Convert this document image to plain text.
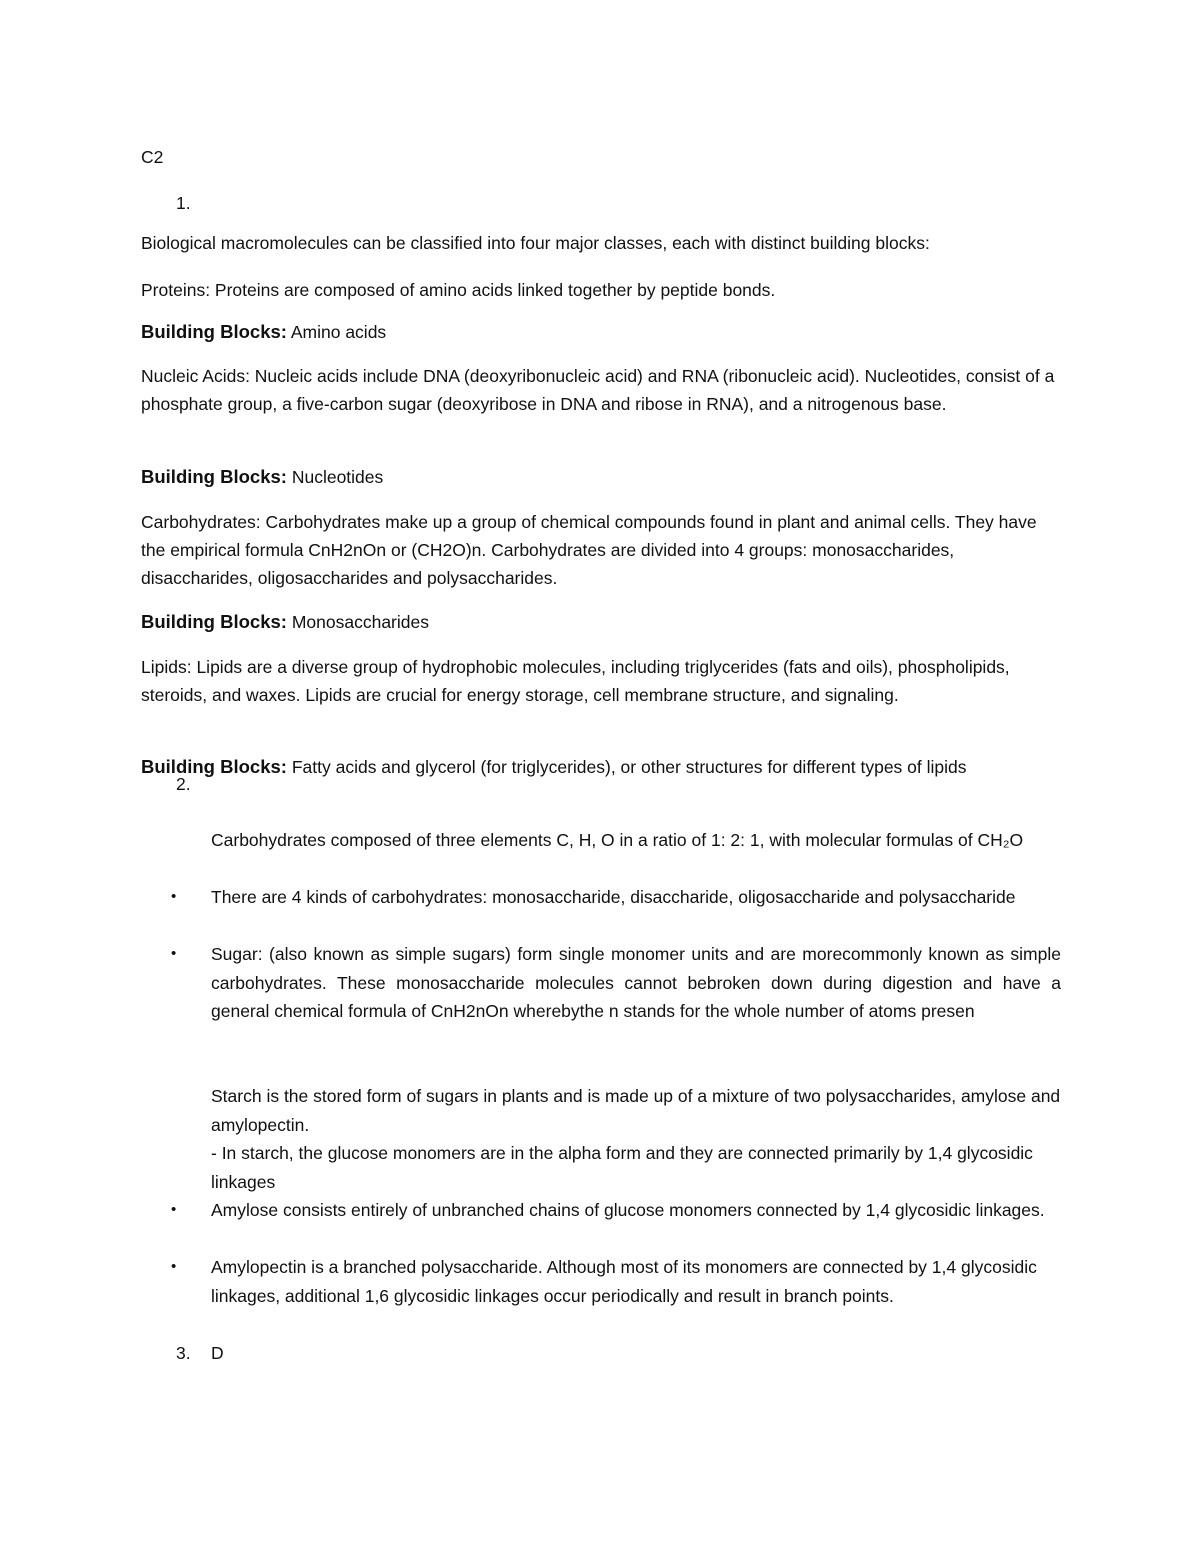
C2
1.

Biological macromolecules can be classified into four major classes, each with distinct building blocks:

Proteins: Proteins are composed of amino acids linked together by peptide bonds.

Building Blocks: Amino acids

Nucleic Acids: Nucleic acids include DNA (deoxyribonucleic acid) and RNA (ribonucleic acid). Nucleotides, consist of a phosphate group, a five-carbon sugar (deoxyribose in DNA and ribose in RNA), and a nitrogenous base.

Building Blocks: Nucleotides

Carbohydrates: Carbohydrates make up a group of chemical compounds found in plant and animal cells. They have the empirical formula CnH2nOn or (CH2O)n. Carbohydrates are divided into 4 groups: monosaccharides, disaccharides, oligosaccharides and polysaccharides.

Building Blocks: Monosaccharides

Lipids: Lipids are a diverse group of hydrophobic molecules, including triglycerides (fats and oils), phospholipids, steroids, and waxes. Lipids are crucial for energy storage, cell membrane structure, and signaling.

Building Blocks: Fatty acids and glycerol (for triglycerides), or other structures for different types of lipids

2.

Carbohydrates composed of three elements C, H, O in a ratio of 1: 2: 1, with molecular formulas of CH₂O

• There are 4 kinds of carbohydrates: monosaccharide, disaccharide, oligosaccharide and polysaccharide

• Sugar: (also known as simple sugars) form single monomer units and are morecommonly known as simple carbohydrates. These monosaccharide molecules cannot bebroken down during digestion and have a general chemical formula of CnH2nOn wherebythe n stands for the whole number of atoms presen

Starch is the stored form of sugars in plants and is made up of a mixture of two polysaccharides, amylose and amylopectin.

- In starch, the glucose monomers are in the alpha form and they are connected primarily by 1,4 glycosidic linkages

• Amylose consists entirely of unbranched chains of glucose monomers connected by 1,4 glycosidic linkages.

• Amylopectin is a branched polysaccharide. Although most of its monomers are connected by 1,4 glycosidic linkages, additional 1,6 glycosidic linkages occur periodically and result in branch points.

3. D
